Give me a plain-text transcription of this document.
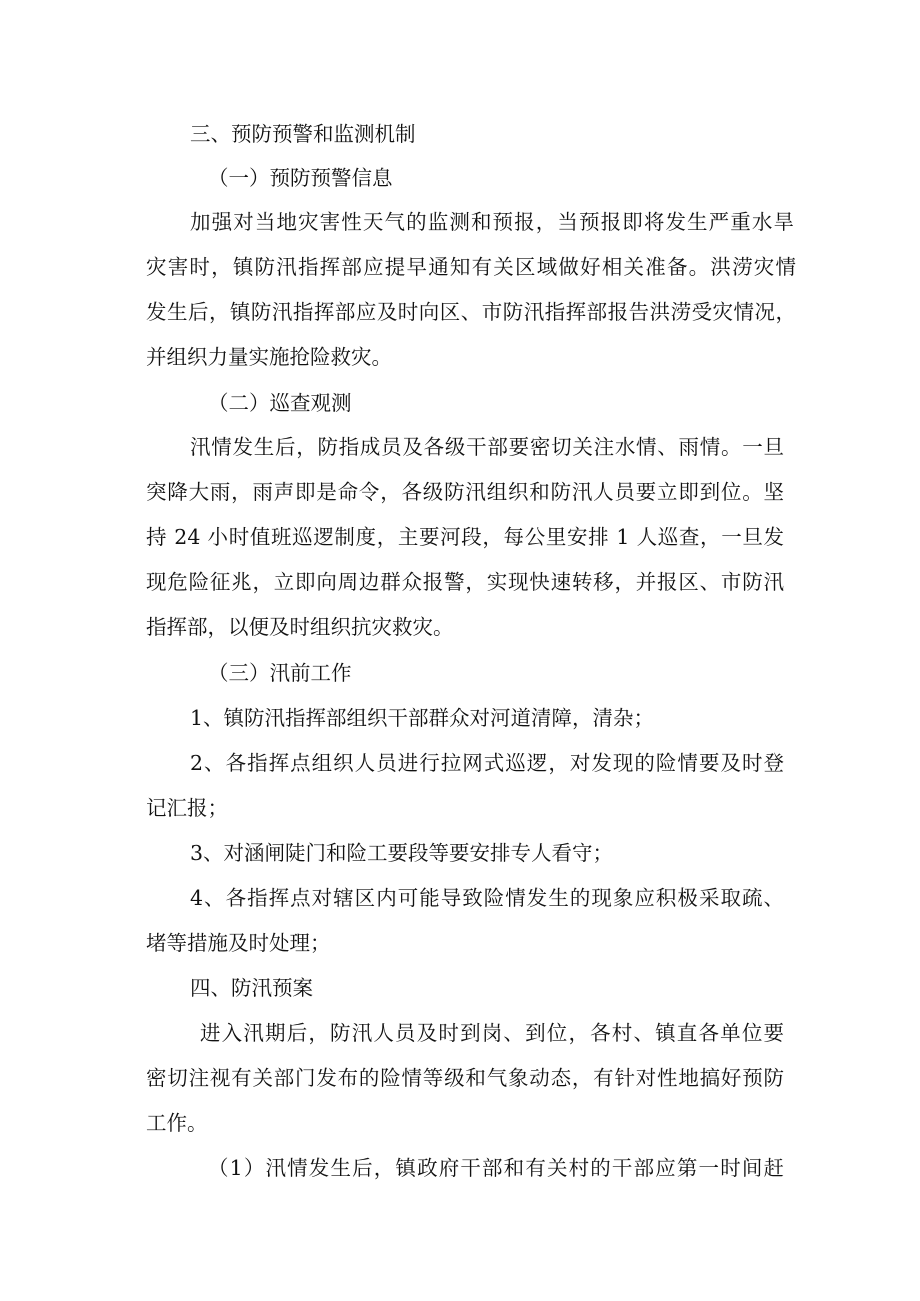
三、预防预警和监测机制
（一）预防预警信息
加强对当地灾害性天气的监测和预报，当预报即将发生严重水旱
灾害时，镇防汛指挥部应提早通知有关区域做好相关准备。洪涝灾情
发生后，镇防汛指挥部应及时向区、市防汛指挥部报告洪涝受灾情况，
并组织力量实施抢险救灾。
（二）巡查观测
汛情发生后，防指成员及各级干部要密切关注水情、雨情。一旦
突降大雨，雨声即是命令，各级防汛组织和防汛人员要立即到位。坚
持 24 小时值班巡逻制度，主要河段，每公里安排 1 人巡查，一旦发
现危险征兆，立即向周边群众报警，实现快速转移，并报区、市防汛
指挥部，以便及时组织抗灾救灾。
（三）汛前工作
1、镇防汛指挥部组织干部群众对河道清障，清杂；
2、各指挥点组织人员进行拉网式巡逻，对发现的险情要及时登
记汇报；
3、对涵闸陡门和险工要段等要安排专人看守；
4、各指挥点对辖区内可能导致险情发生的现象应积极采取疏、
堵等措施及时处理；
四、防汛预案
进入汛期后，防汛人员及时到岗、到位，各村、镇直各单位要
密切注视有关部门发布的险情等级和气象动态，有针对性地搞好预防
工作。
（1）汛情发生后，镇政府干部和有关村的干部应第一时间赶
